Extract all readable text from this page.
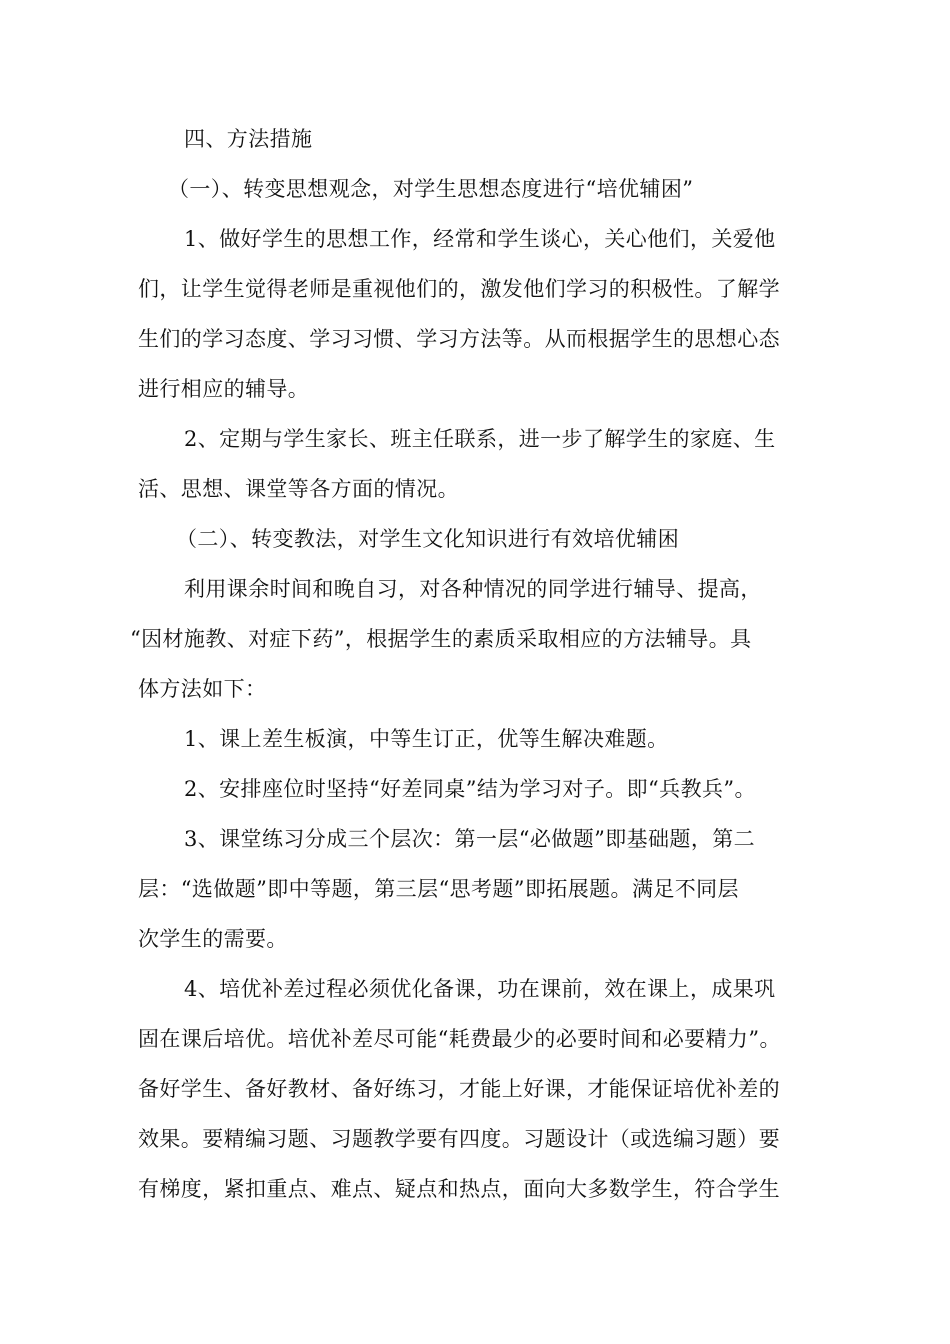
四、方法措施
（一）、转变思想观念，对学生思想态度进行“培优辅困”
1、做好学生的思想工作，经常和学生谈心，关心他们，关爱他
们，让学生觉得老师是重视他们的，激发他们学习的积极性。了解学
生们的学习态度、学习习惯、学习方法等。从而根据学生的思想心态
进行相应的辅导。
2、定期与学生家长、班主任联系，进一步了解学生的家庭、生
活、思想、课堂等各方面的情况。
（二）、转变教法，对学生文化知识进行有效培优辅困
利用课余时间和晚自习，对各种情况的同学进行辅导、提高，
“因材施教、对症下药”，根据学生的素质采取相应的方法辅导。具
体方法如下：
1、课上差生板演，中等生订正，优等生解决难题。
2、安排座位时坚持“好差同桌”结为学习对子。即“兵教兵”。
3、课堂练习分成三个层次：第一层“必做题”即基础题，第二
层：“选做题”即中等题，第三层“思考题”即拓展题。满足不同层
次学生的需要。
4、培优补差过程必须优化备课，功在课前，效在课上，成果巩
固在课后培优。培优补差尽可能“耗费最少的必要时间和必要精力”。
备好学生、备好教材、备好练习，才能上好课，才能保证培优补差的
效果。要精编习题、习题教学要有四度。习题设计（或选编习题）要
有梯度，紧扣重点、难点、疑点和热点，面向大多数学生，符合学生
